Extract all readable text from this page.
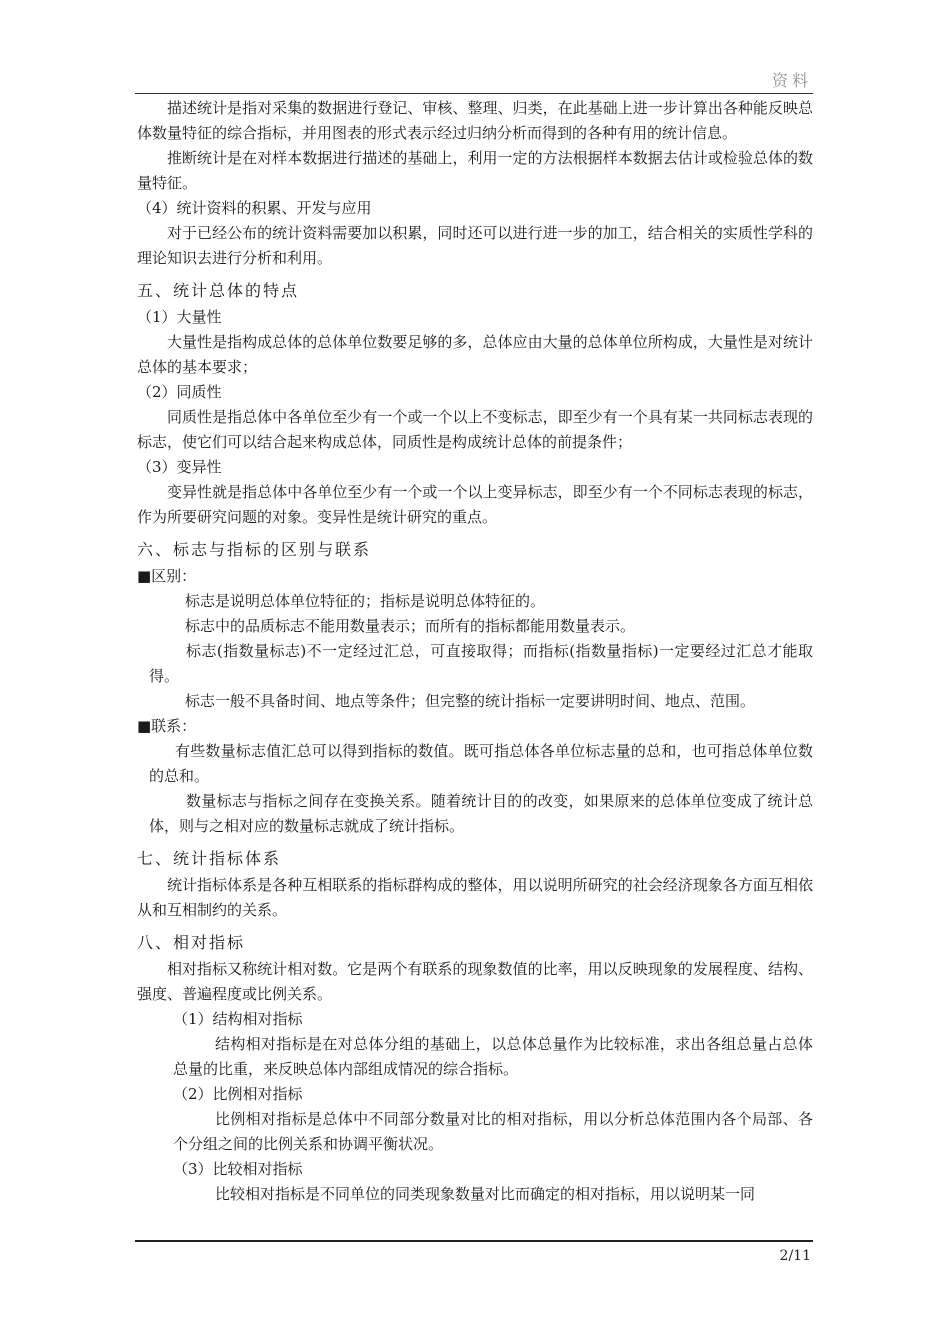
资料

描述统计是指对采集的数据进行登记、审核、整理、归类，在此基础上进一步计算出各种能反映总体数量特征的综合指标，并用图表的形式表示经过归纳分析而得到的各种有用的统计信息。

推断统计是在对样本数据进行描述的基础上，利用一定的方法根据样本数据去估计或检验总体的数量特征。

（4）统计资料的积累、开发与应用

对于已经公布的统计资料需要加以积累，同时还可以进行进一步的加工，结合相关的实质性学科的理论知识去进行分析和利用。

五、统计总体的特点

（1）大量性

大量性是指构成总体的总体单位数要足够的多，总体应由大量的总体单位所构成，大量性是对统计总体的基本要求；

（2）同质性

同质性是指总体中各单位至少有一个或一个以上不变标志，即至少有一个具有某一共同标志表现的标志，使它们可以结合起来构成总体，同质性是构成统计总体的前提条件；

（3）变异性

变异性就是指总体中各单位至少有一个或一个以上变异标志，即至少有一个不同标志表现的标志，作为所要研究问题的对象。变异性是统计研究的重点。

六、标志与指标的区别与联系

■区别：

标志是说明总体单位特征的；指标是说明总体特征的。

标志中的品质标志不能用数量表示；而所有的指标都能用数量表示。

标志(指数量标志)不一定经过汇总，可直接取得；而指标(指数量指标)一定要经过汇总才能取得。

标志一般不具备时间、地点等条件；但完整的统计指标一定要讲明时间、地点、范围。

■联系：

有些数量标志值汇总可以得到指标的数值。既可指总体各单位标志量的总和，也可指总体单位数的总和。

数量标志与指标之间存在变换关系。随着统计目的的改变，如果原来的总体单位变成了统计总体，则与之相对应的数量标志就成了统计指标。

七、统计指标体系

统计指标体系是各种互相联系的指标群构成的整体，用以说明所研究的社会经济现象各方面互相依从和互相制约的关系。

八、相对指标

相对指标又称统计相对数。它是两个有联系的现象数值的比率，用以反映现象的发展程度、结构、强度、普遍程度或比例关系。

（1）结构相对指标

结构相对指标是在对总体分组的基础上，以总体总量作为比较标准，求出各组总量占总体总量的比重，来反映总体内部组成情况的综合指标。

（2）比例相对指标

比例相对指标是总体中不同部分数量对比的相对指标，用以分析总体范围内各个局部、各个分组之间的比例关系和协调平衡状况。

（3）比较相对指标

比较相对指标是不同单位的同类现象数量对比而确定的相对指标，用以说明某一同

2/11
